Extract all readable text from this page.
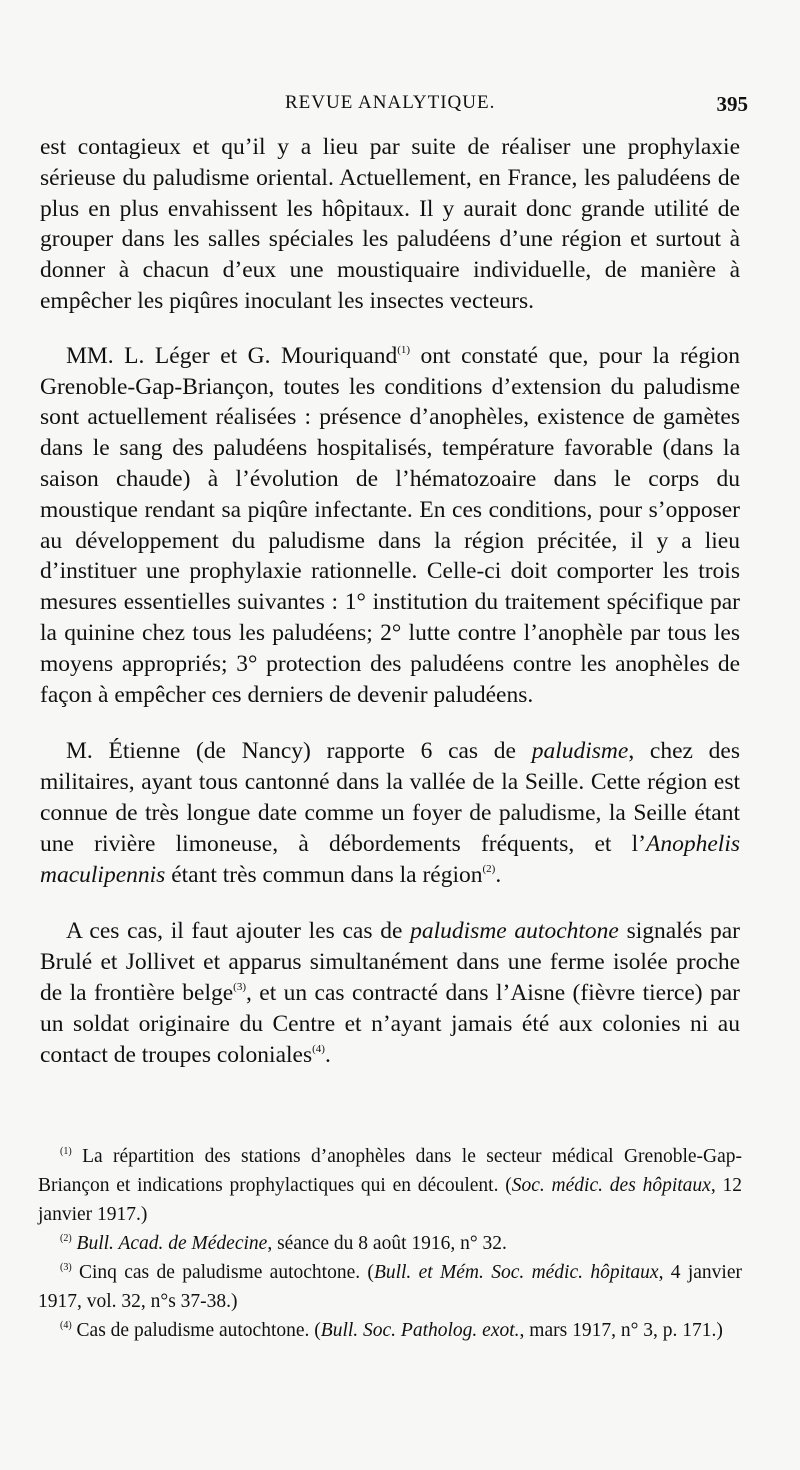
REVUE ANALYTIQUE.	395

est contagieux et qu’il y a lieu par suite de réaliser une prophylaxie sérieuse du paludisme oriental. Actuellement, en France, les paludéens de plus en plus envahissent les hôpitaux. Il y aurait donc grande utilité de grouper dans les salles spéciales les paludéens d’une région et surtout à donner à chacun d’eux une moustiquaire individuelle, de manière à empêcher les piqûres inoculant les insectes vecteurs.

MM. L. Léger et G. Mouriquand$^{(1)}$ ont constaté que, pour la région Grenoble-Gap-Briançon, toutes les conditions d’extension du paludisme sont actuellement réalisées : présence d’anophèles, existence de gamètes dans le sang des paludéens hospitalisés, température favorable (dans la saison chaude) à l’évolution de l’hématozoaire dans le corps du moustique rendant sa piqûre infectante. En ces conditions, pour s’opposer au développement du paludisme dans la région précitée, il y a lieu d’instituer une prophylaxie rationnelle. Celle-ci doit comporter les trois mesures essentielles suivantes : 1° institution du traitement spécifique par la quinine chez tous les paludéens; 2° lutte contre l’anophèle par tous les moyens appropriés; 3° protection des paludéens contre les anophèles de façon à empêcher ces derniers de devenir paludéens.

M. Étienne (de Nancy) rapporte 6 cas de paludisme, chez des militaires, ayant tous cantonné dans la vallée de la Seille. Cette région est connue de très longue date comme un foyer de paludisme, la Seille étant une rivière limoneuse, à débordements fréquents, et l’Anophelis maculipennis étant très commun dans la région$^{(2)}$.

A ces cas, il faut ajouter les cas de paludisme autochtone signalés par Brulé et Jollivet et apparus simultanément dans une ferme isolée proche de la frontière belge$^{(3)}$, et un cas contracté dans l’Aisne (fièvre tierce) par un soldat originaire du Centre et n’ayant jamais été aux colonies ni au contact de troupes coloniales$^{(4)}$.

$^{(1)}$ La répartition des stations d’anophèles dans le secteur médical Grenoble-Gap-Briançon et indications prophylactiques qui en découlent. (Soc. médic. des hôpitaux, 12 janvier 1917.)

$^{(2)}$ Bull. Acad. de Médecine, séance du 8 août 1916, n° 32.

$^{(3)}$ Cinq cas de paludisme autochtone. (Bull. et Mém. Soc. médic. hôpitaux, 4 janvier 1917, vol. 32, n°s 37-38.)

$^{(4)}$ Cas de paludisme autochtone. (Bull. Soc. Patholog. exot., mars 1917, n° 3, p. 171.)
